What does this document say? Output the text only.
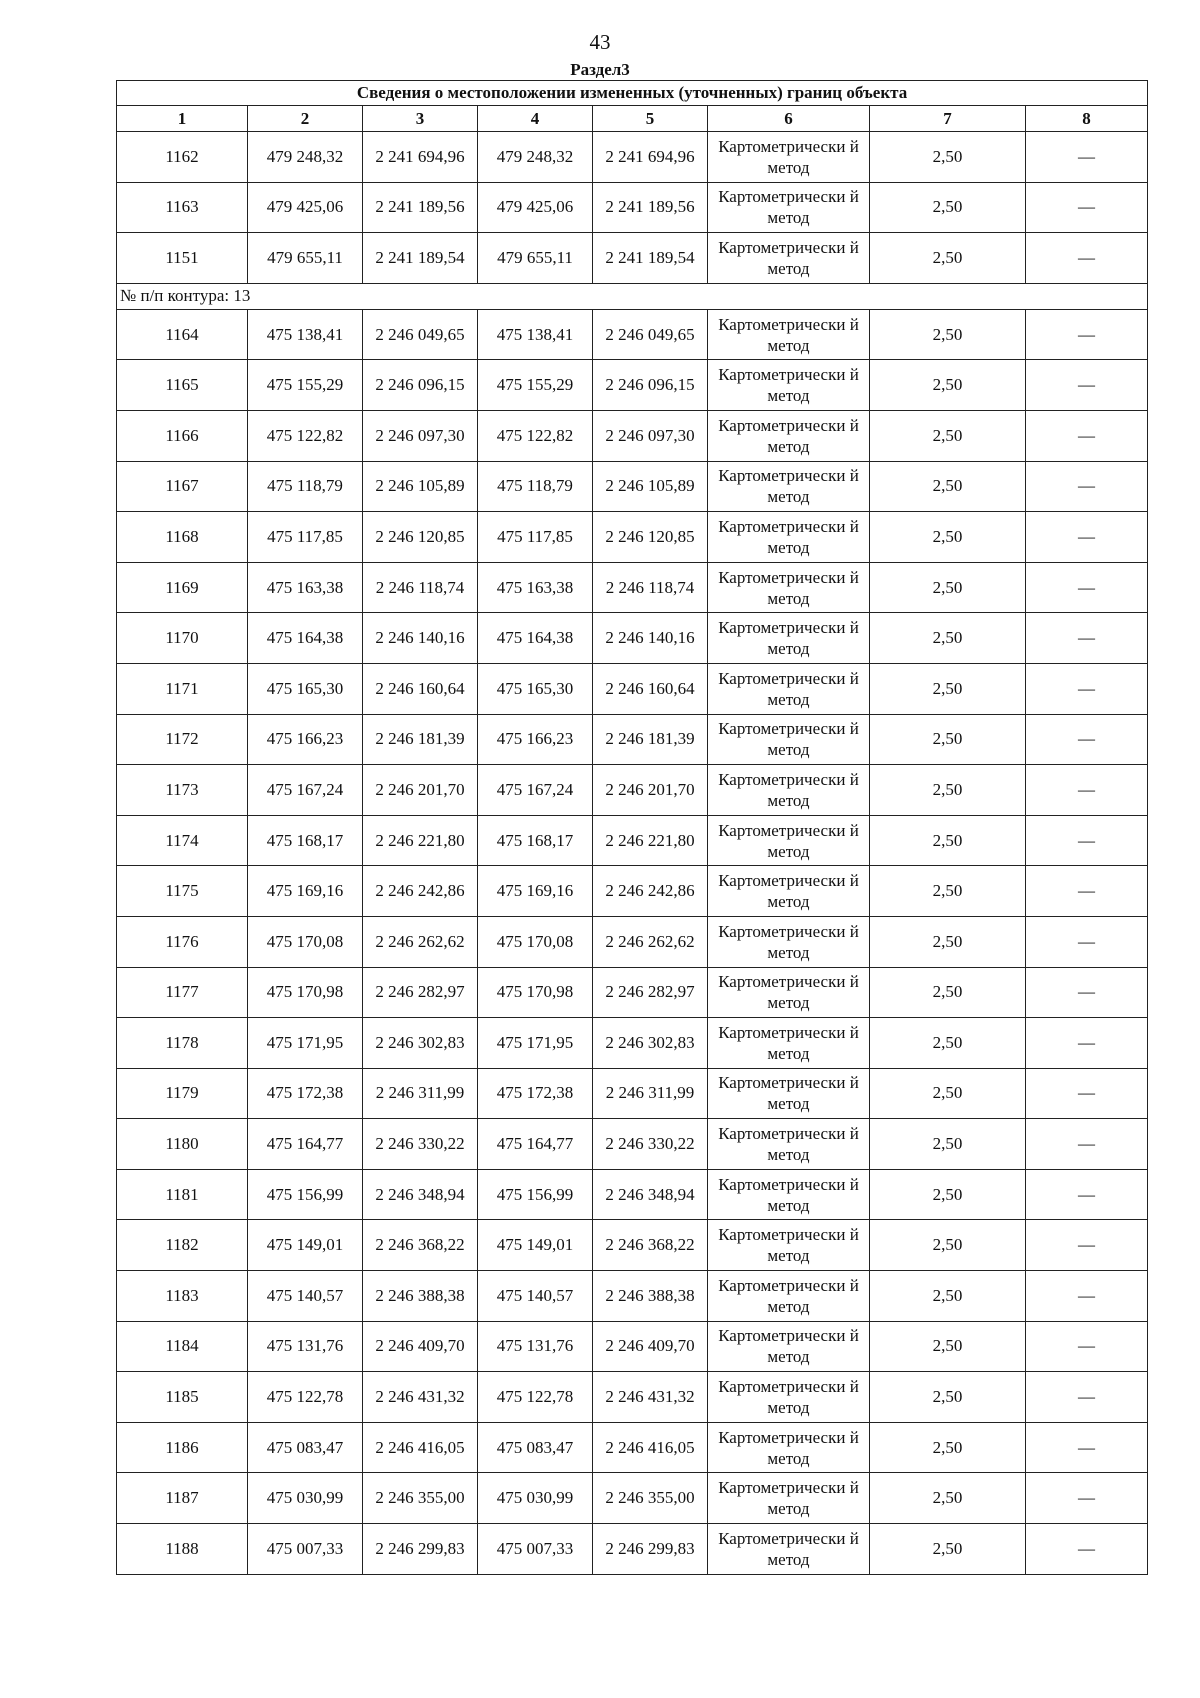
43
Раздел3
Сведения о местоположении измененных (уточненных) границ объекта							
1	2	3	4	5	6	7	8
1162	479 248,32	2 241 694,96	479 248,32	2 241 694,96	Картометрически й метод	2,50	—
1163	479 425,06	2 241 189,56	479 425,06	2 241 189,56	Картометрически й метод	2,50	—
1151	479 655,11	2 241 189,54	479 655,11	2 241 189,54	Картометрически й метод	2,50	—
№ п/п контура: 13							
1164	475 138,41	2 246 049,65	475 138,41	2 246 049,65	Картометрически й метод	2,50	—
1165	475 155,29	2 246 096,15	475 155,29	2 246 096,15	Картометрически й метод	2,50	—
1166	475 122,82	2 246 097,30	475 122,82	2 246 097,30	Картометрически й метод	2,50	—
1167	475 118,79	2 246 105,89	475 118,79	2 246 105,89	Картометрически й метод	2,50	—
1168	475 117,85	2 246 120,85	475 117,85	2 246 120,85	Картометрически й метод	2,50	—
1169	475 163,38	2 246 118,74	475 163,38	2 246 118,74	Картометрически й метод	2,50	—
1170	475 164,38	2 246 140,16	475 164,38	2 246 140,16	Картометрически й метод	2,50	—
1171	475 165,30	2 246 160,64	475 165,30	2 246 160,64	Картометрически й метод	2,50	—
1172	475 166,23	2 246 181,39	475 166,23	2 246 181,39	Картометрически й метод	2,50	—
1173	475 167,24	2 246 201,70	475 167,24	2 246 201,70	Картометрически й метод	2,50	—
1174	475 168,17	2 246 221,80	475 168,17	2 246 221,80	Картометрически й метод	2,50	—
1175	475 169,16	2 246 242,86	475 169,16	2 246 242,86	Картометрически й метод	2,50	—
1176	475 170,08	2 246 262,62	475 170,08	2 246 262,62	Картометрически й метод	2,50	—
1177	475 170,98	2 246 282,97	475 170,98	2 246 282,97	Картометрически й метод	2,50	—
1178	475 171,95	2 246 302,83	475 171,95	2 246 302,83	Картометрически й метод	2,50	—
1179	475 172,38	2 246 311,99	475 172,38	2 246 311,99	Картометрически й метод	2,50	—
1180	475 164,77	2 246 330,22	475 164,77	2 246 330,22	Картометрически й метод	2,50	—
1181	475 156,99	2 246 348,94	475 156,99	2 246 348,94	Картометрически й метод	2,50	—
1182	475 149,01	2 246 368,22	475 149,01	2 246 368,22	Картометрически й метод	2,50	—
1183	475 140,57	2 246 388,38	475 140,57	2 246 388,38	Картометрически й метод	2,50	—
1184	475 131,76	2 246 409,70	475 131,76	2 246 409,70	Картометрически й метод	2,50	—
1185	475 122,78	2 246 431,32	475 122,78	2 246 431,32	Картометрически й метод	2,50	—
1186	475 083,47	2 246 416,05	475 083,47	2 246 416,05	Картометрически й метод	2,50	—
1187	475 030,99	2 246 355,00	475 030,99	2 246 355,00	Картометрически й метод	2,50	—
1188	475 007,33	2 246 299,83	475 007,33	2 246 299,83	Картометрически й метод	2,50	—
